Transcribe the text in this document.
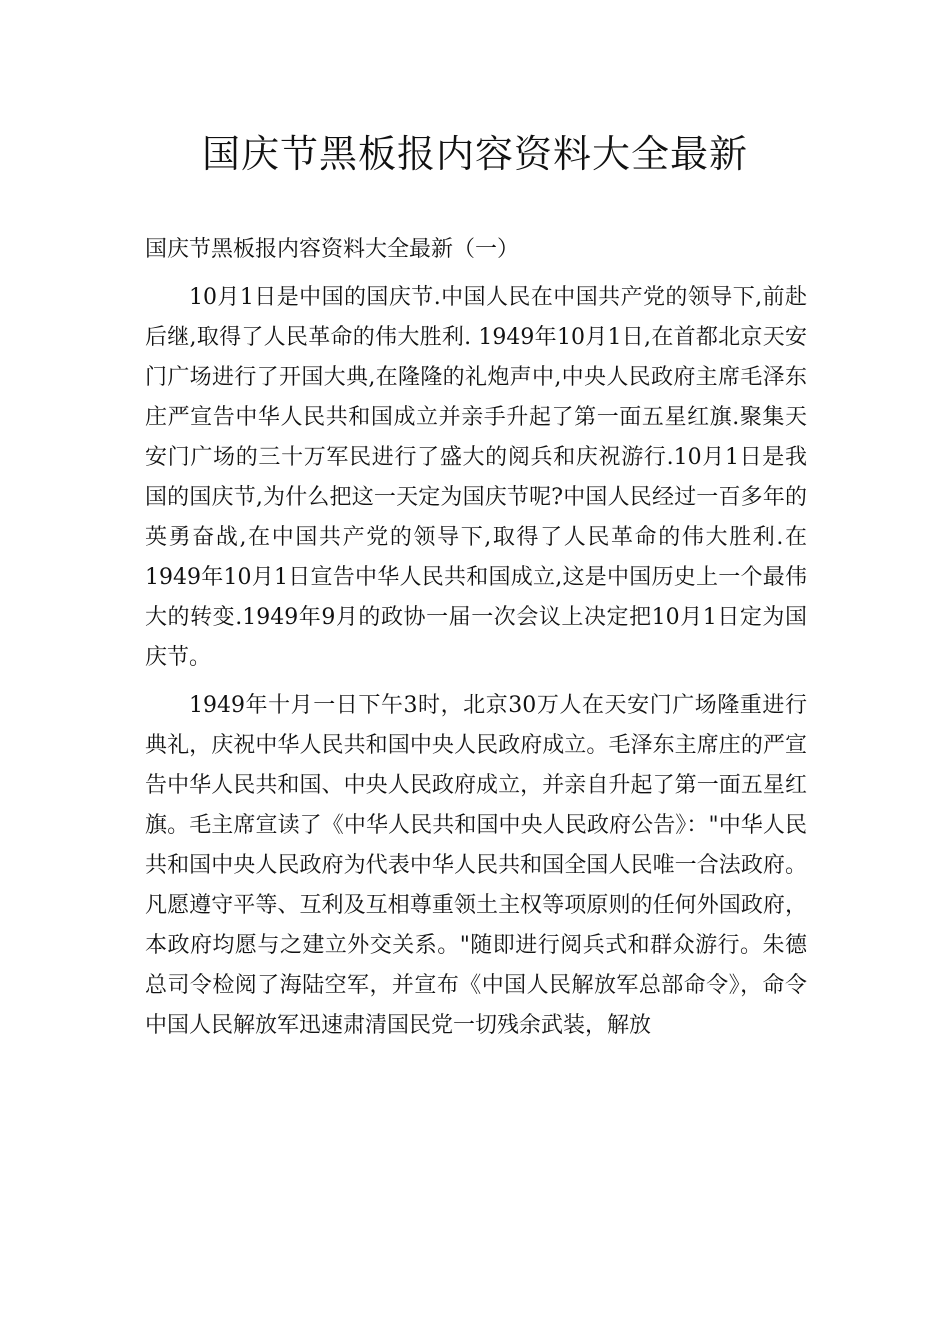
国庆节黑板报内容资料大全最新

国庆节黑板报内容资料大全最新（一）

10月1日是中国的国庆节.中国人民在中国共产党的领导下,前赴后继,取得了人民革命的伟大胜利. 1949年10月1日,在首都北京天安门广场进行了开国大典,在隆隆的礼炮声中,中央人民政府主席毛泽东庄严宣告中华人民共和国成立并亲手升起了第一面五星红旗.聚集天安门广场的三十万军民进行了盛大的阅兵和庆祝游行.10月1日是我国的国庆节,为什么把这一天定为国庆节呢?中国人民经过一百多年的英勇奋战,在中国共产党的领导下,取得了人民革命的伟大胜利.在1949年10月1日宣告中华人民共和国成立,这是中国历史上一个最伟大的转变.1949年9月的政协一届一次会议上决定把10月1日定为国庆节。

1949年十月一日下午3时，北京30万人在天安门广场隆重进行典礼，庆祝中华人民共和国中央人民政府成立。毛泽东主席庄的严宣告中华人民共和国、中央人民政府成立，并亲自升起了第一面五星红旗。毛主席宣读了《中华人民共和国中央人民政府公告》："中华人民共和国中央人民政府为代表中华人民共和国全国人民唯一合法政府。凡愿遵守平等、互利及互相尊重领土主权等项原则的任何外国政府，本政府均愿与之建立外交关系。"随即进行阅兵式和群众游行。朱德总司令检阅了海陆空军，并宣布《中国人民解放军总部命令》，命令中国人民解放军迅速肃清国民党一切残余武装，解放
